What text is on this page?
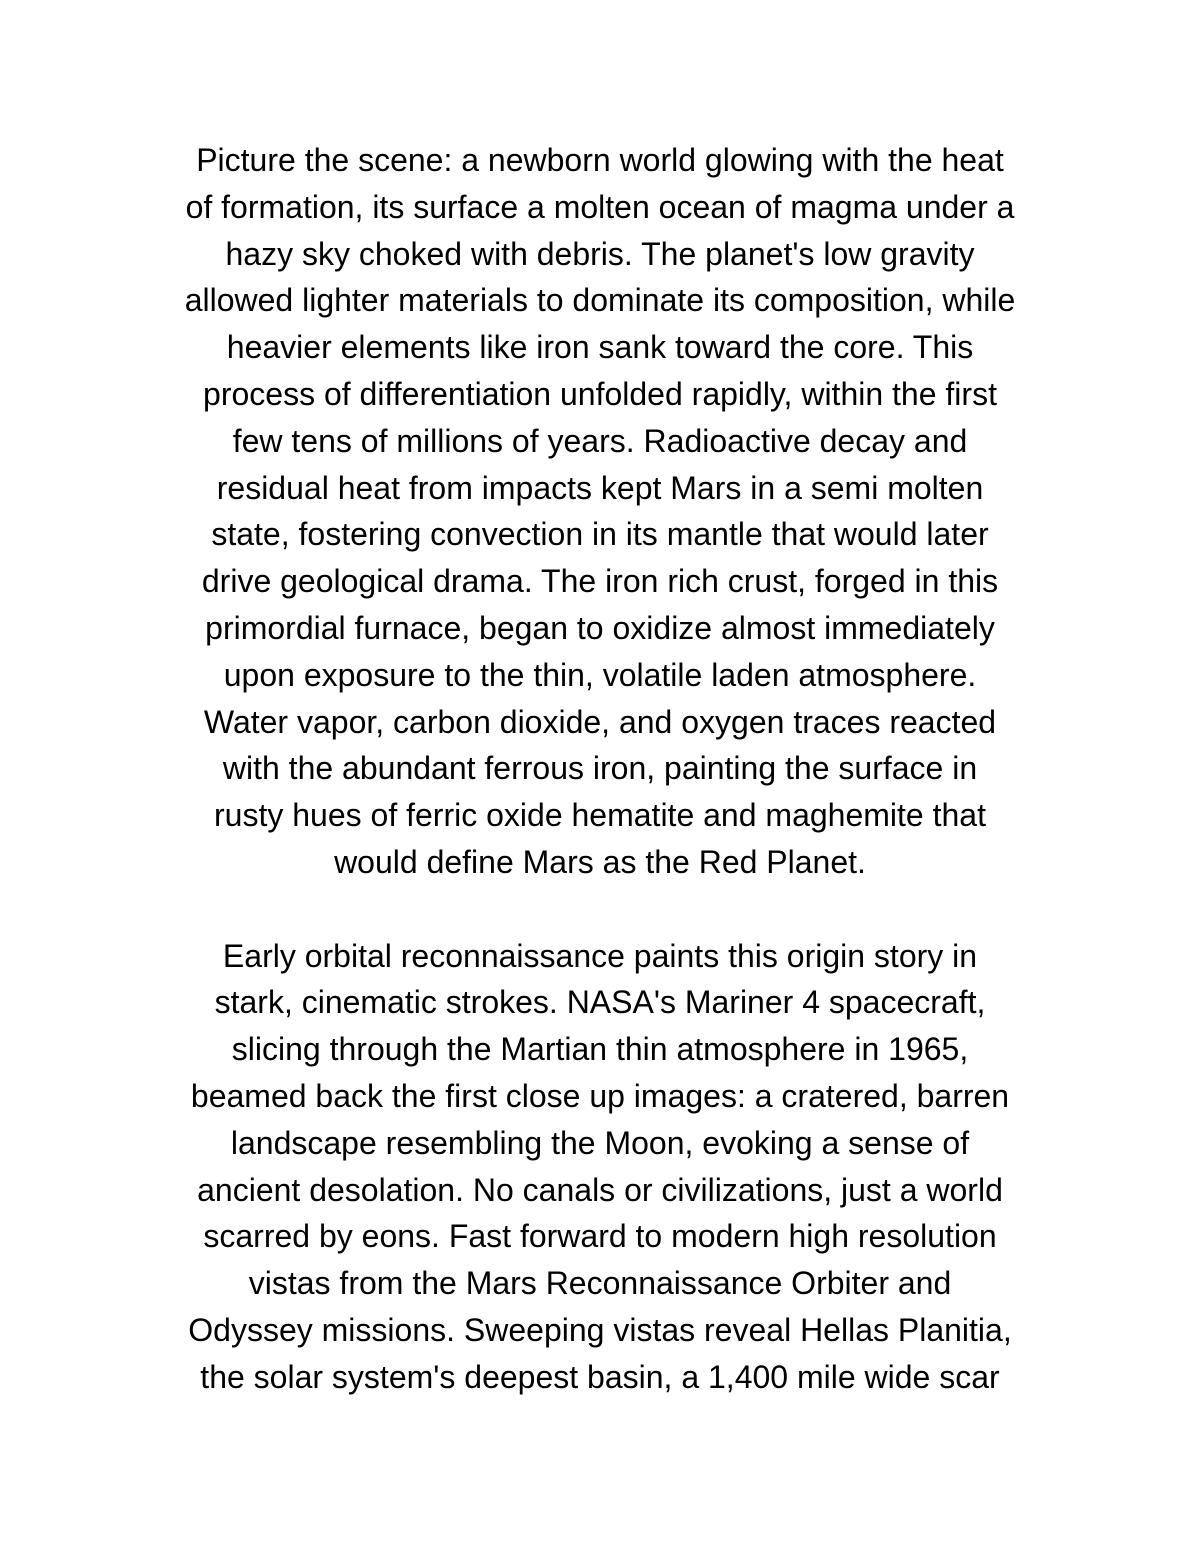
Picture the scene: a newborn world glowing with the heat
of formation, its surface a molten ocean of magma under a
hazy sky choked with debris. The planet's low gravity
allowed lighter materials to dominate its composition, while
heavier elements like iron sank toward the core. This
process of differentiation unfolded rapidly, within the first
few tens of millions of years. Radioactive decay and
residual heat from impacts kept Mars in a semi molten
state, fostering convection in its mantle that would later
drive geological drama. The iron rich crust, forged in this
primordial furnace, began to oxidize almost immediately
upon exposure to the thin, volatile laden atmosphere.
Water vapor, carbon dioxide, and oxygen traces reacted
with the abundant ferrous iron, painting the surface in
rusty hues of ferric oxide hematite and maghemite that
would define Mars as the Red Planet.
Early orbital reconnaissance paints this origin story in
stark, cinematic strokes. NASA's Mariner 4 spacecraft,
slicing through the Martian thin atmosphere in 1965,
beamed back the first close up images: a cratered, barren
landscape resembling the Moon, evoking a sense of
ancient desolation. No canals or civilizations, just a world
scarred by eons. Fast forward to modern high resolution
vistas from the Mars Reconnaissance Orbiter and
Odyssey missions. Sweeping vistas reveal Hellas Planitia,
the solar system's deepest basin, a 1,400 mile wide scar
